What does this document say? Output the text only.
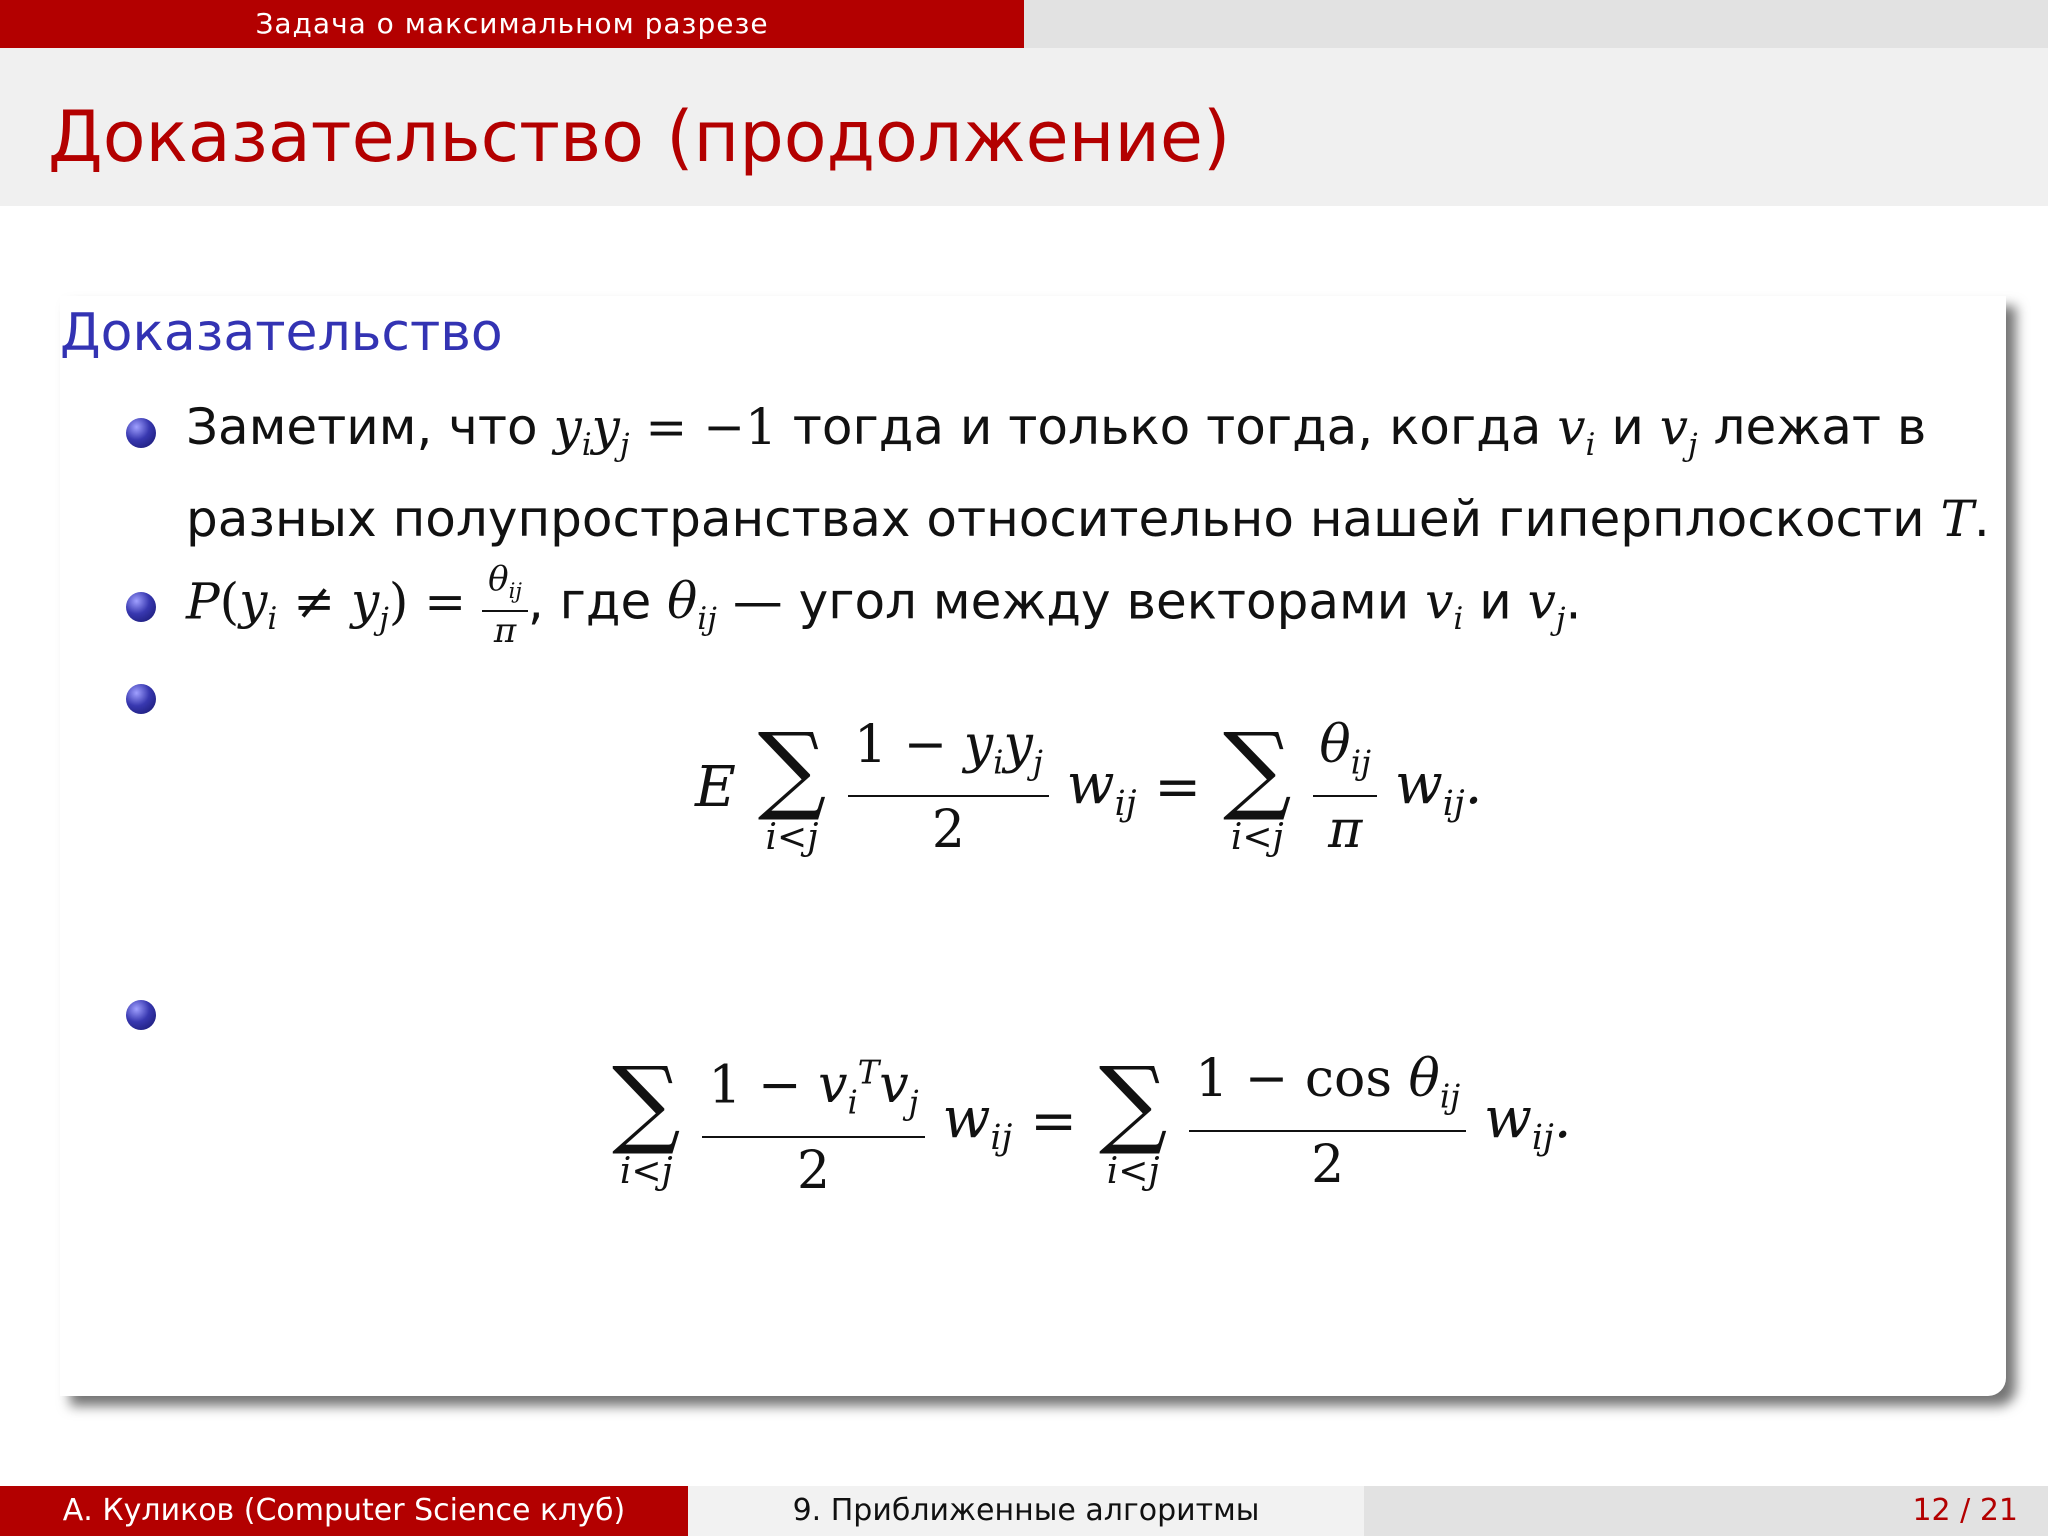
Задача о максимальном разрезе
Доказательство (продолжение)
Доказательство
Заметим, что $y_iy_j = -1$ тогда и только тогда, когда $v_i$ и $v_j$ лежат в
разных полупространствах относительно нашей гиперплоскости T.
$P(y_i \ne y_j) = \frac{\theta_{ij}}{\pi}$ , где $\theta_{ij}$ — угол между векторами $v_i$ и $v_j$.
E ∑
i<j
$\frac{1 - y_iy_j}{2} w_{ij}$ = ∑
i<j
$\frac{\theta_{ij}}{\pi} w_{ij}$.
∑
i<j
$\frac{1 - v_i^Tv_j}{2} w_{ij}$ = ∑
i<j
$\frac{1 - \cos \theta_{ij}}{2} w_{ij}$.
А. Куликов (Computer Science клуб)	9. Приближенные алгоритмы	12 / 21
